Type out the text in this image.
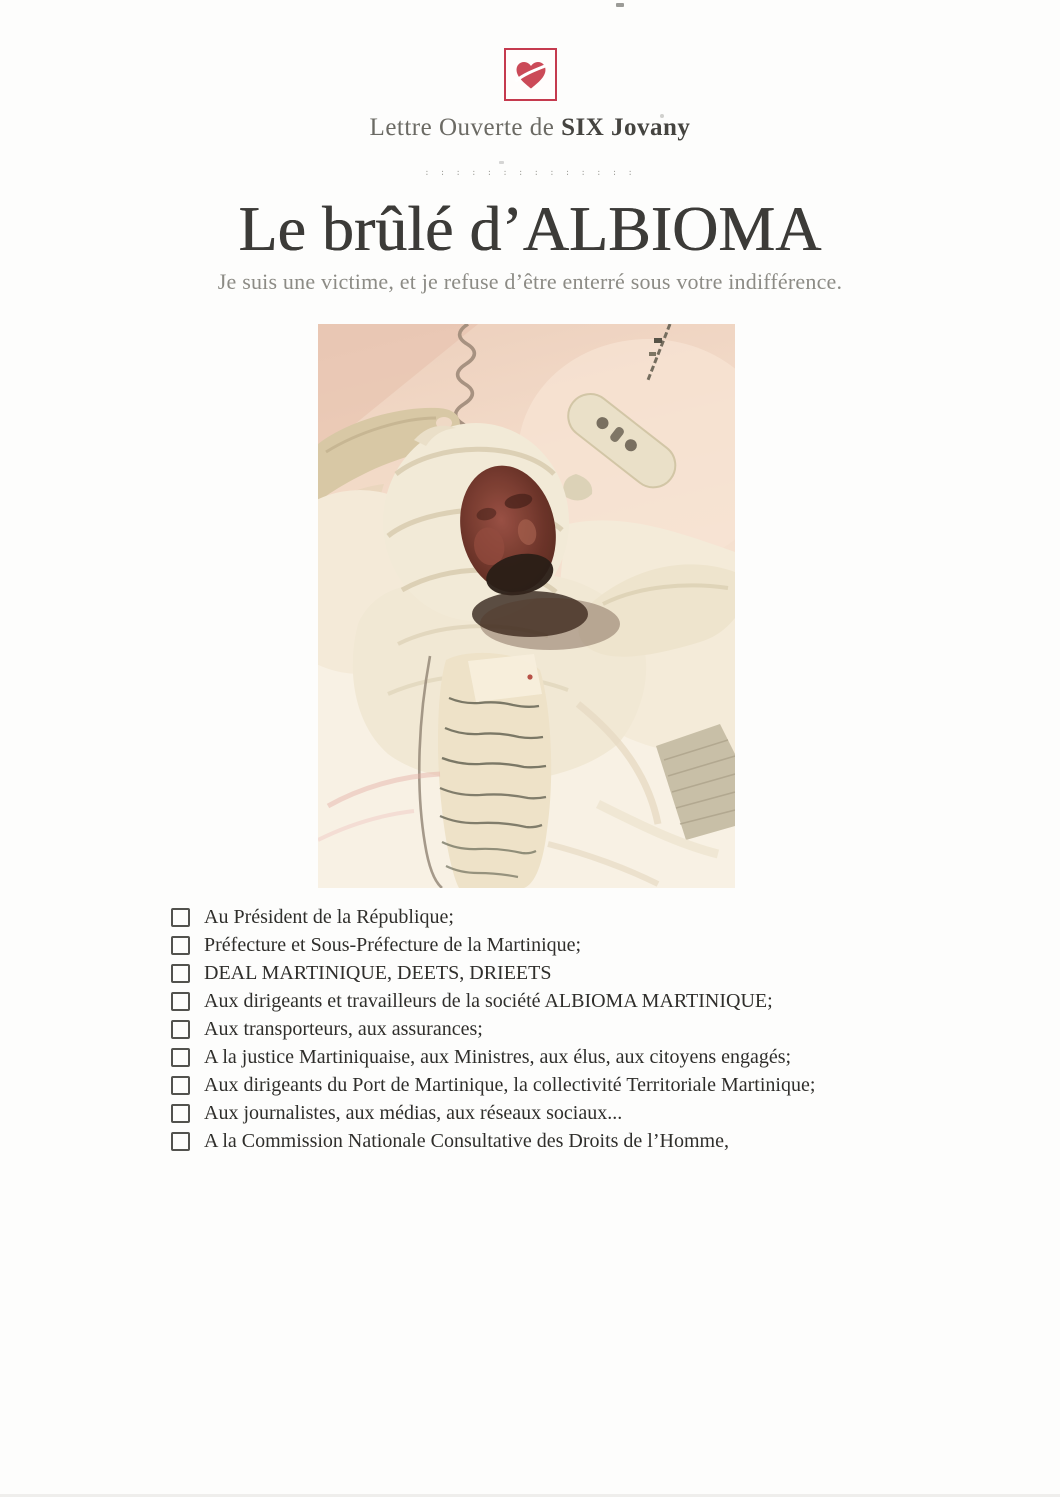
Lettre Ouverte de SIX Jovany
: : : : : : : : : : : : : :
Le brûlé d’ALBIOMA

Je suis une victime, et je refuse d’être enterré sous votre indifférence.

Au Président de la République;
Préfecture et Sous-Préfecture de la Martinique;
DEAL MARTINIQUE, DEETS, DRIEETS
Aux dirigeants et travailleurs de la société ALBIOMA MARTINIQUE;
Aux transporteurs, aux assurances;
A la justice Martiniquaise, aux Ministres, aux élus, aux citoyens engagés;
Aux dirigeants du Port de Martinique, la collectivité Territoriale Martinique;
Aux journalistes, aux médias, aux réseaux sociaux...
A la Commission Nationale Consultative des Droits de l’Homme,
